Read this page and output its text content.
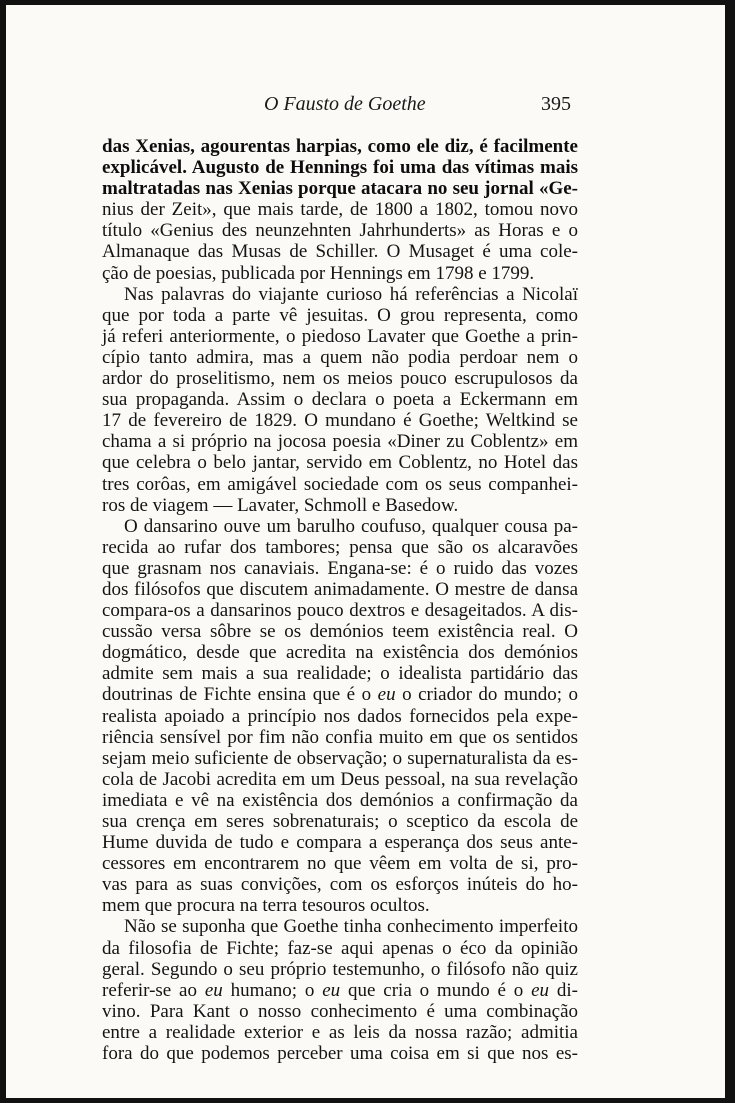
O Fausto de Goethe	395
das Xenias, agourentas harpias, como ele diz, é facilmente
explicável. Augusto de Hennings foi uma das vítimas mais
maltratadas nas Xenias porque atacara no seu jornal «Ge-
nius der Zeit», que mais tarde, de 1800 a 1802, tomou novo
título «Genius des neunzehnten Jahrhunderts» as Horas e o
Almanaque das Musas de Schiller. O Musaget é uma cole-
ção de poesias, publicada por Hennings em 1798 e 1799.
Nas palavras do viajante curioso há referências a Nicolaï
que por toda a parte vê jesuitas. O grou representa, como
já referi anteriormente, o piedoso Lavater que Goethe a prin-
cípio tanto admira, mas a quem não podia perdoar nem o
ardor do proselitismo, nem os meios pouco escrupulosos da
sua propaganda. Assim o declara o poeta a Eckermann em
17 de fevereiro de 1829. O mundano é Goethe; Weltkind se
chama a si próprio na jocosa poesia «Diner zu Coblentz» em
que celebra o belo jantar, servido em Coblentz, no Hotel das
tres corôas, em amigável sociedade com os seus companhei-
ros de viagem — Lavater, Schmoll e Basedow.
O dansarino ouve um barulho coufuso, qualquer cousa pa-
recida ao rufar dos tambores; pensa que são os alcaravões
que grasnam nos canaviais. Engana-se: é o ruido das vozes
dos filósofos que discutem animadamente. O mestre de dansa
compara-os a dansarinos pouco dextros e desageitados. A dis-
cussão versa sôbre se os demónios teem existência real. O
dogmático, desde que acredita na existência dos demónios
admite sem mais a sua realidade; o idealista partidário das
doutrinas de Fichte ensina que é o eu o criador do mundo; o
realista apoiado a princípio nos dados fornecidos pela expe-
riência sensível por fim não confia muito em que os sentidos
sejam meio suficiente de observação; o supernaturalista da es-
cola de Jacobi acredita em um Deus pessoal, na sua revelação
imediata e vê na existência dos demónios a confirmação da
sua crença em seres sobrenaturais; o sceptico da escola de
Hume duvida de tudo e compara a esperança dos seus ante-
cessores em encontrarem no que vêem em volta de si, pro-
vas para as suas convições, com os esforços inúteis do ho-
mem que procura na terra tesouros ocultos.
Não se suponha que Goethe tinha conhecimento imperfeito
da filosofia de Fichte; faz-se aqui apenas o éco da opinião
geral. Segundo o seu próprio testemunho, o filósofo não quiz
referir-se ao eu humano; o eu que cria o mundo é o eu di-
vino. Para Kant o nosso conhecimento é uma combinação
entre a realidade exterior e as leis da nossa razão; admitia
fora do que podemos perceber uma coisa em si que nos es-
